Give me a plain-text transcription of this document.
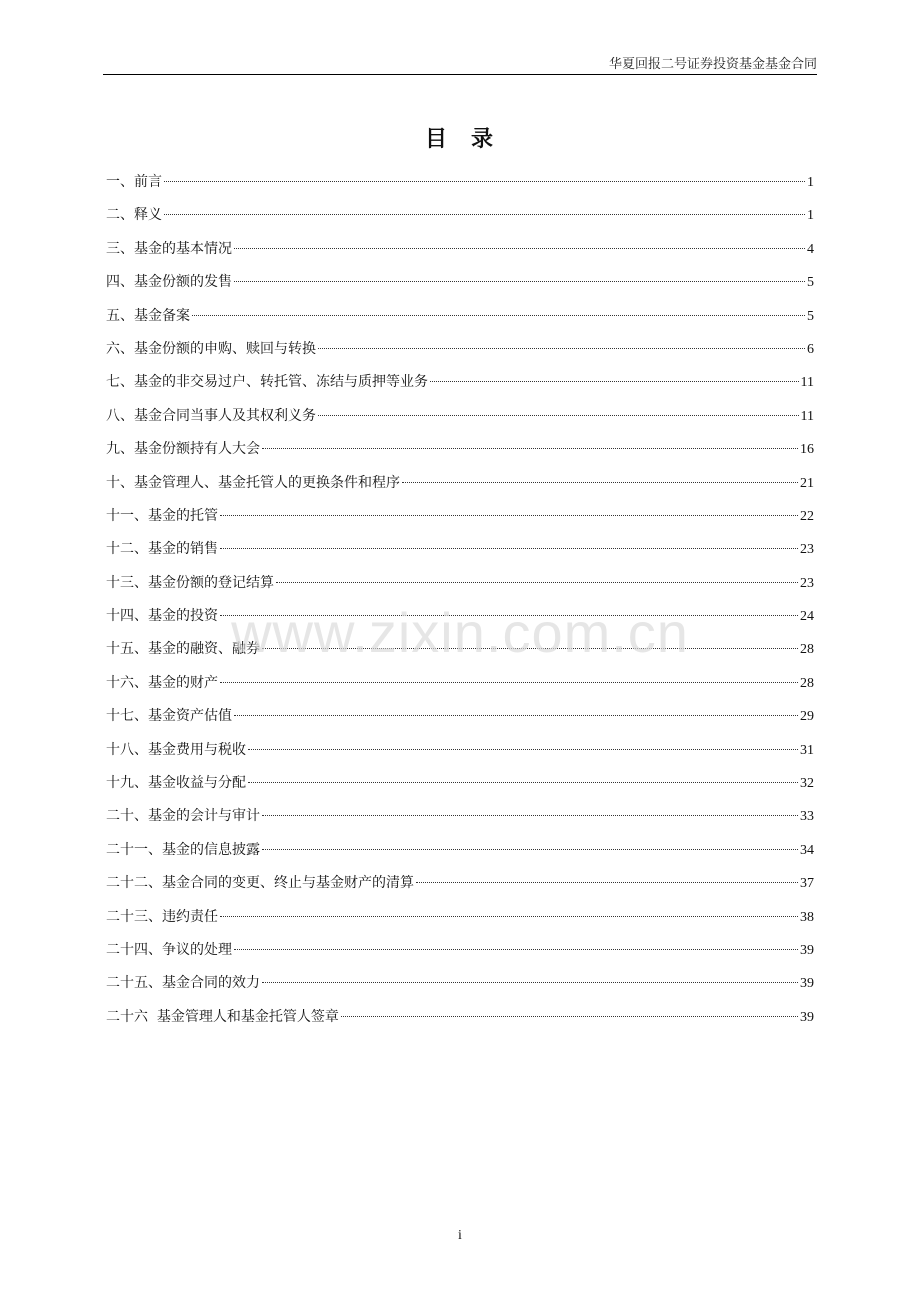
华夏回报二号证券投资基金基金合同
目 录
一、前言	1
二、释义	1
三、基金的基本情况	4
四、基金份额的发售	5
五、基金备案	5
六、基金份额的申购、赎回与转换	6
七、基金的非交易过户、转托管、冻结与质押等业务	11
八、基金合同当事人及其权利义务	11
九、基金份额持有人大会	16
十、基金管理人、基金托管人的更换条件和程序	21
十一、基金的托管	22
十二、基金的销售	23
十三、基金份额的登记结算	23
十四、基金的投资	24
十五、基金的融资、融券	28
十六、基金的财产	28
十七、基金资产估值	29
十八、基金费用与税收	31
十九、基金收益与分配	32
二十、基金的会计与审计	33
二十一、基金的信息披露	34
二十二、基金合同的变更、终止与基金财产的清算	37
二十三、违约责任	38
二十四、争议的处理	39
二十五、基金合同的效力	39
二十六  基金管理人和基金托管人签章	39
www.zixin.com.cn
i
